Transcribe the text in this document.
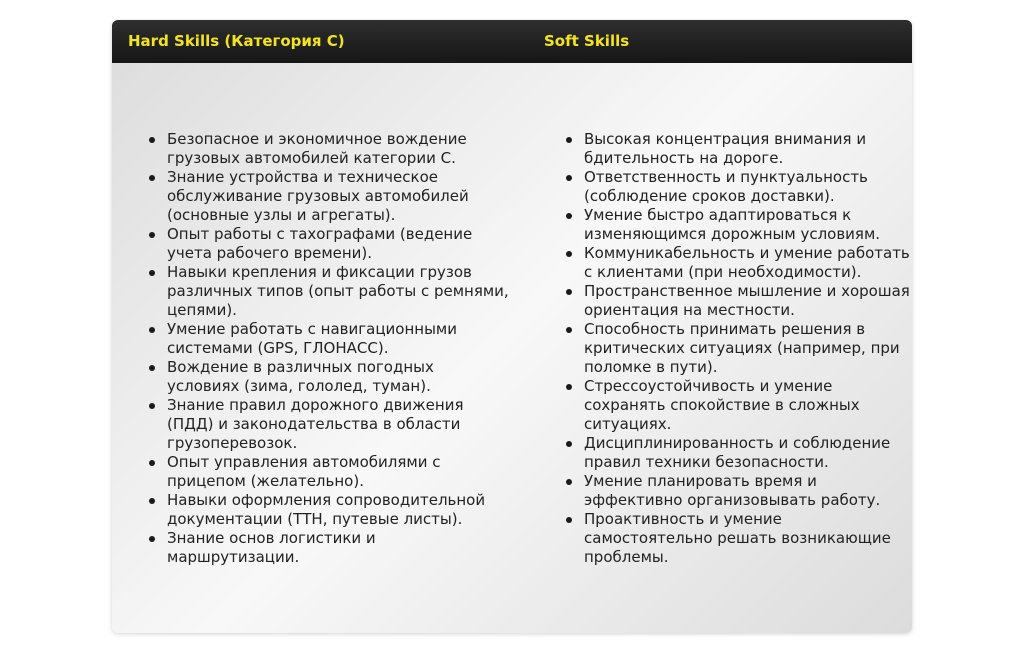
Hard Skills (Категория C)	Soft Skills
Безопасное и экономичное вождение грузовых автомобилей категории C.
Знание устройства и техническое обслуживание грузовых автомобилей (основные узлы и агрегаты).
Опыт работы с тахографами (ведение учета рабочего времени).
Навыки крепления и фиксации грузов различных типов (опыт работы с ремнями, цепями).
Умение работать с навигационными системами (GPS, ГЛОНАСС).
Вождение в различных погодных условиях (зима, гололед, туман).
Знание правил дорожного движения (ПДД) и законодательства в области грузоперевозок.
Опыт управления автомобилями с прицепом (желательно).
Навыки оформления сопроводительной документации (ТТН, путевые листы).
Знание основ логистики и маршрутизации.
Высокая концентрация внимания и бдительность на дороге.
Ответственность и пунктуальность (соблюдение сроков доставки).
Умение быстро адаптироваться к изменяющимся дорожным условиям.
Коммуникабельность и умение работать с клиентами (при необходимости).
Пространственное мышление и хорошая ориентация на местности.
Способность принимать решения в критических ситуациях (например, при поломке в пути).
Стрессоустойчивость и умение сохранять спокойствие в сложных ситуациях.
Дисциплинированность и соблюдение правил техники безопасности.
Умение планировать время и эффективно организовывать работу.
Проактивность и умение самостоятельно решать возникающие проблемы.
